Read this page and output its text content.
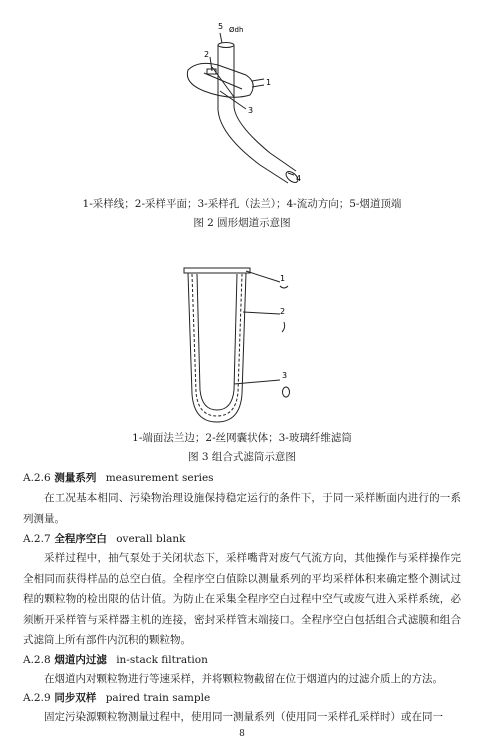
5 Ødh
2
1
3
4
1-采样线；2-采样平面；3-采样孔（法兰）；4-流动方向；5-烟道顶端
图 2 圆形烟道示意图
1
2
3
1-端面法兰边；2-丝网囊状体；3-玻璃纤维滤筒
图 3 组合式滤筒示意图
A.2.6 测量系列 measurement series
在工况基本相同、污染物治理设施保持稳定运行的条件下，于同一采样断面内进行的一系列测量。
A.2.7 全程序空白 overall blank
采样过程中，抽气泵处于关闭状态下，采样嘴背对废气气流方向，其他操作与采样操作完全相同而获得样品的总空白值。全程序空白值除以测量系列的平均采样体积来确定整个测试过程的颗粒物的检出限的估计值。为防止在采集全程序空白过程中空气或废气进入采样系统，必须断开采样管与采样器主机的连接，密封采样管末端接口。全程序空白包括组合式滤膜和组合式滤筒上所有部件内沉积的颗粒物。
A.2.8 烟道内过滤 in-stack filtration
在烟道内对颗粒物进行等速采样，并将颗粒物截留在位于烟道内的过滤介质上的方法。
A.2.9 同步双样 paired train sample
固定污染源颗粒物测量过程中，使用同一测量系列（使用同一采样孔采样时）或在同一
8
